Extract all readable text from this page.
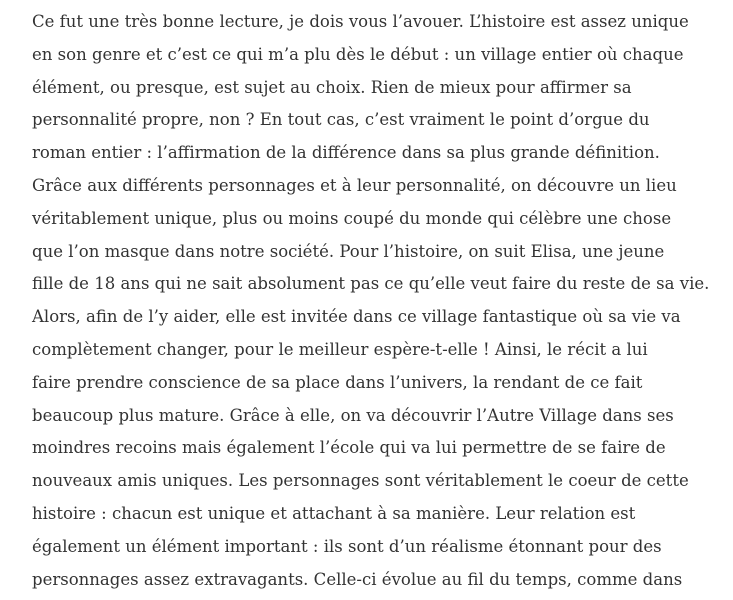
Ce fut une très bonne lecture, je dois vous l’avouer. L’histoire est assez unique
en son genre et c’est ce qui m’a plu dès le début : un village entier où chaque
élément, ou presque, est sujet au choix. Rien de mieux pour affirmer sa
personnalité propre, non ? En tout cas, c’est vraiment le point d’orgue du
roman entier : l’affirmation de la différence dans sa plus grande définition.
Grâce aux différents personnages et à leur personnalité, on découvre un lieu
véritablement unique, plus ou moins coupé du monde qui célèbre une chose
que l’on masque dans notre société. Pour l’histoire, on suit Elisa, une jeune
fille de 18 ans qui ne sait absolument pas ce qu’elle veut faire du reste de sa vie.
Alors, afin de l’y aider, elle est invitée dans ce village fantastique où sa vie va
complètement changer, pour le meilleur espère-t-elle ! Ainsi, le récit a lui
faire prendre conscience de sa place dans l’univers, la rendant de ce fait
beaucoup plus mature. Grâce à elle, on va découvrir l’Autre Village dans ses
moindres recoins mais également l’école qui va lui permettre de se faire de
nouveaux amis uniques. Les personnages sont véritablement le coeur de cette
histoire : chacun est unique et attachant à sa manière. Leur relation est
également un élément important : ils sont d’un réalisme étonnant pour des
personnages assez extravagants. Celle-ci évolue au fil du temps, comme dans
